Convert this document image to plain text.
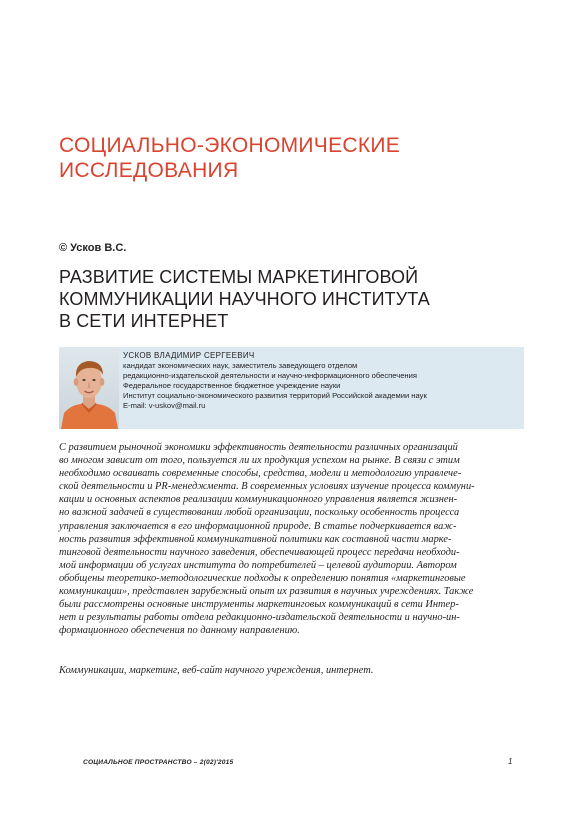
СОЦИАЛЬНО-ЭКОНОМИЧЕСКИЕ
ИССЛЕДОВАНИЯ
© Усков В.С.
РАЗВИТИЕ СИСТЕМЫ МАРКЕТИНГОВОЙ
КОММУНИКАЦИИ НАУЧНОГО ИНСТИТУТА
В СЕТИ ИНТЕРНЕТ
УСКОВ ВЛАДИМИР СЕРГЕЕВИЧ
кандидат экономических наук, заместитель заведующего отделом
редакционно-издательской деятельности и научно-информационного обеспечения
Федеральное государственное бюджетное учреждение науки
Институт социально-экономического развития территорий Российской академии наук
E-mail: v-uskov@mail.ru
С развитием рыночной экономики эффективность деятельности различных организаций
во многом зависит от того, пользуется ли их продукция успехом на рынке. В связи с этим
необходимо осваивать современные способы, средства, модели и методологию управлече-
ской деятельности и PR-менеджмента. В современных условиях изучение процесса коммуни-
кации и основных аспектов реализации коммуникационного управления является жизнен-
но важной задачей в существовании любой организации, поскольку особенность процесса
управления заключается в его информационной природе. В статье подчеркивается важ-
ность развития эффективной коммуникативной политики как составной части марке-
тинговой деятельности научного заведения, обеспечивающей процесс передачи необходи-
мой информации об услугах института до потребителей – целевой аудитории. Автором
обобщены теоретико-методологические подходы к определению понятия «маркетинговые
коммуникации», представлен зарубежный опыт их развития в научных учреждениях. Также
были рассмотрены основные инструменты маркетинговых коммуникаций в сети Интер-
нет и результаты работы отдела редакционно-издательской деятельности и научно-ин-
формационного обеспечения по данному направлению.
Коммуникации, маркетинг, веб-сайт научного учреждения, интернет.
СОЦИАЛЬНОЕ ПРОСТРАНСТВО – 2(02)'2015	1
